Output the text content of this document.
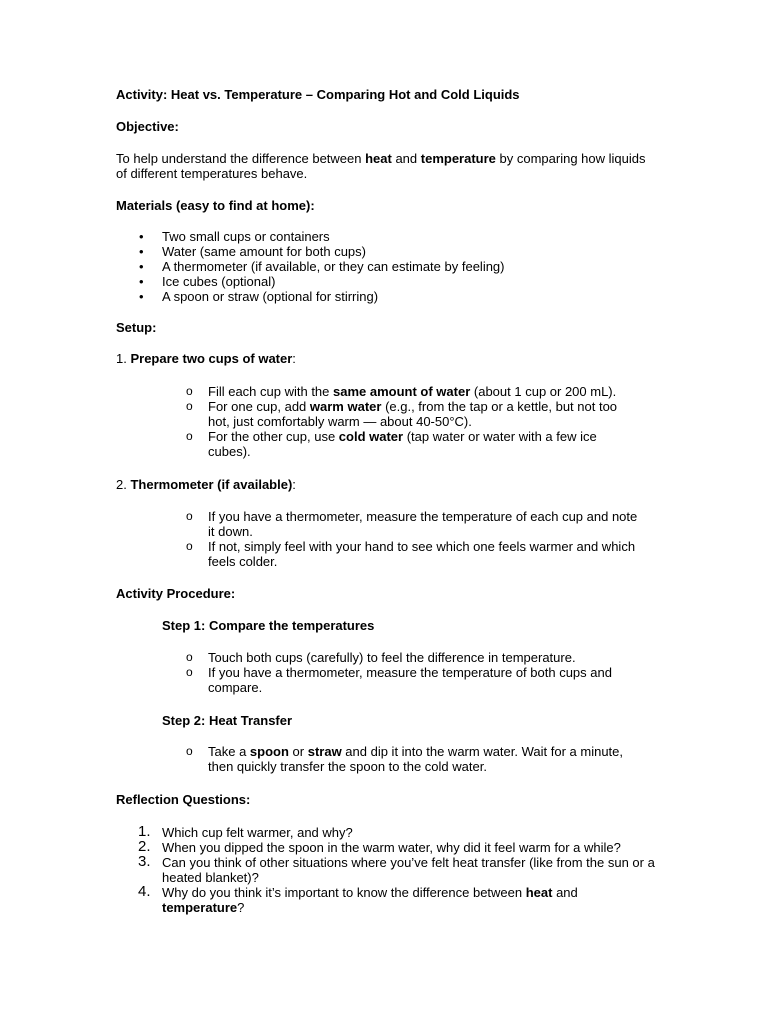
Activity: Heat vs. Temperature – Comparing Hot and Cold Liquids

Objective:

To help understand the difference between heat and temperature by comparing how liquids of different temperatures behave.

Materials (easy to find at home):

• Two small cups or containers
• Water (same amount for both cups)
• A thermometer (if available, or they can estimate by feeling)
• Ice cubes (optional)
• A spoon or straw (optional for stirring)

Setup:

1. Prepare two cups of water:

o Fill each cup with the same amount of water (about 1 cup or 200 mL).
o For one cup, add warm water (e.g., from the tap or a kettle, but not too hot, just comfortably warm — about 40-50°C).
o For the other cup, use cold water (tap water or water with a few ice cubes).

2. Thermometer (if available):

o If you have a thermometer, measure the temperature of each cup and note it down.
o If not, simply feel with your hand to see which one feels warmer and which feels colder.

Activity Procedure:

Step 1: Compare the temperatures

o Touch both cups (carefully) to feel the difference in temperature.
o If you have a thermometer, measure the temperature of both cups and compare.

Step 2: Heat Transfer

o Take a spoon or straw and dip it into the warm water. Wait for a minute, then quickly transfer the spoon to the cold water.

Reflection Questions:

1. Which cup felt warmer, and why?
2. When you dipped the spoon in the warm water, why did it feel warm for a while?
3. Can you think of other situations where you’ve felt heat transfer (like from the sun or a heated blanket)?
4. Why do you think it’s important to know the difference between heat and temperature?
